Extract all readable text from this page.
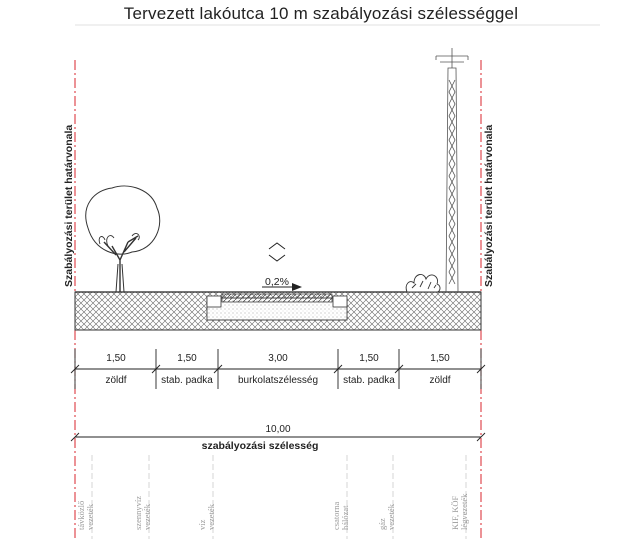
Szabályozási terület határvonala	Szabályozási terület határvonala
0,2%
1,50	1,50	3,00	1,50	1,50
zöldf	stab. padka	burkolatszélesség	stab. padka	zöldf
10,00
szabályozási szélesség
távközlő vezeték	szennyvíz vezeték	víz vezeték	csatorna hálózat	gáz vezeték	KIF, KÖF légvezeték
Tervezett lakóutca 10 m szabályozási szélességgel
